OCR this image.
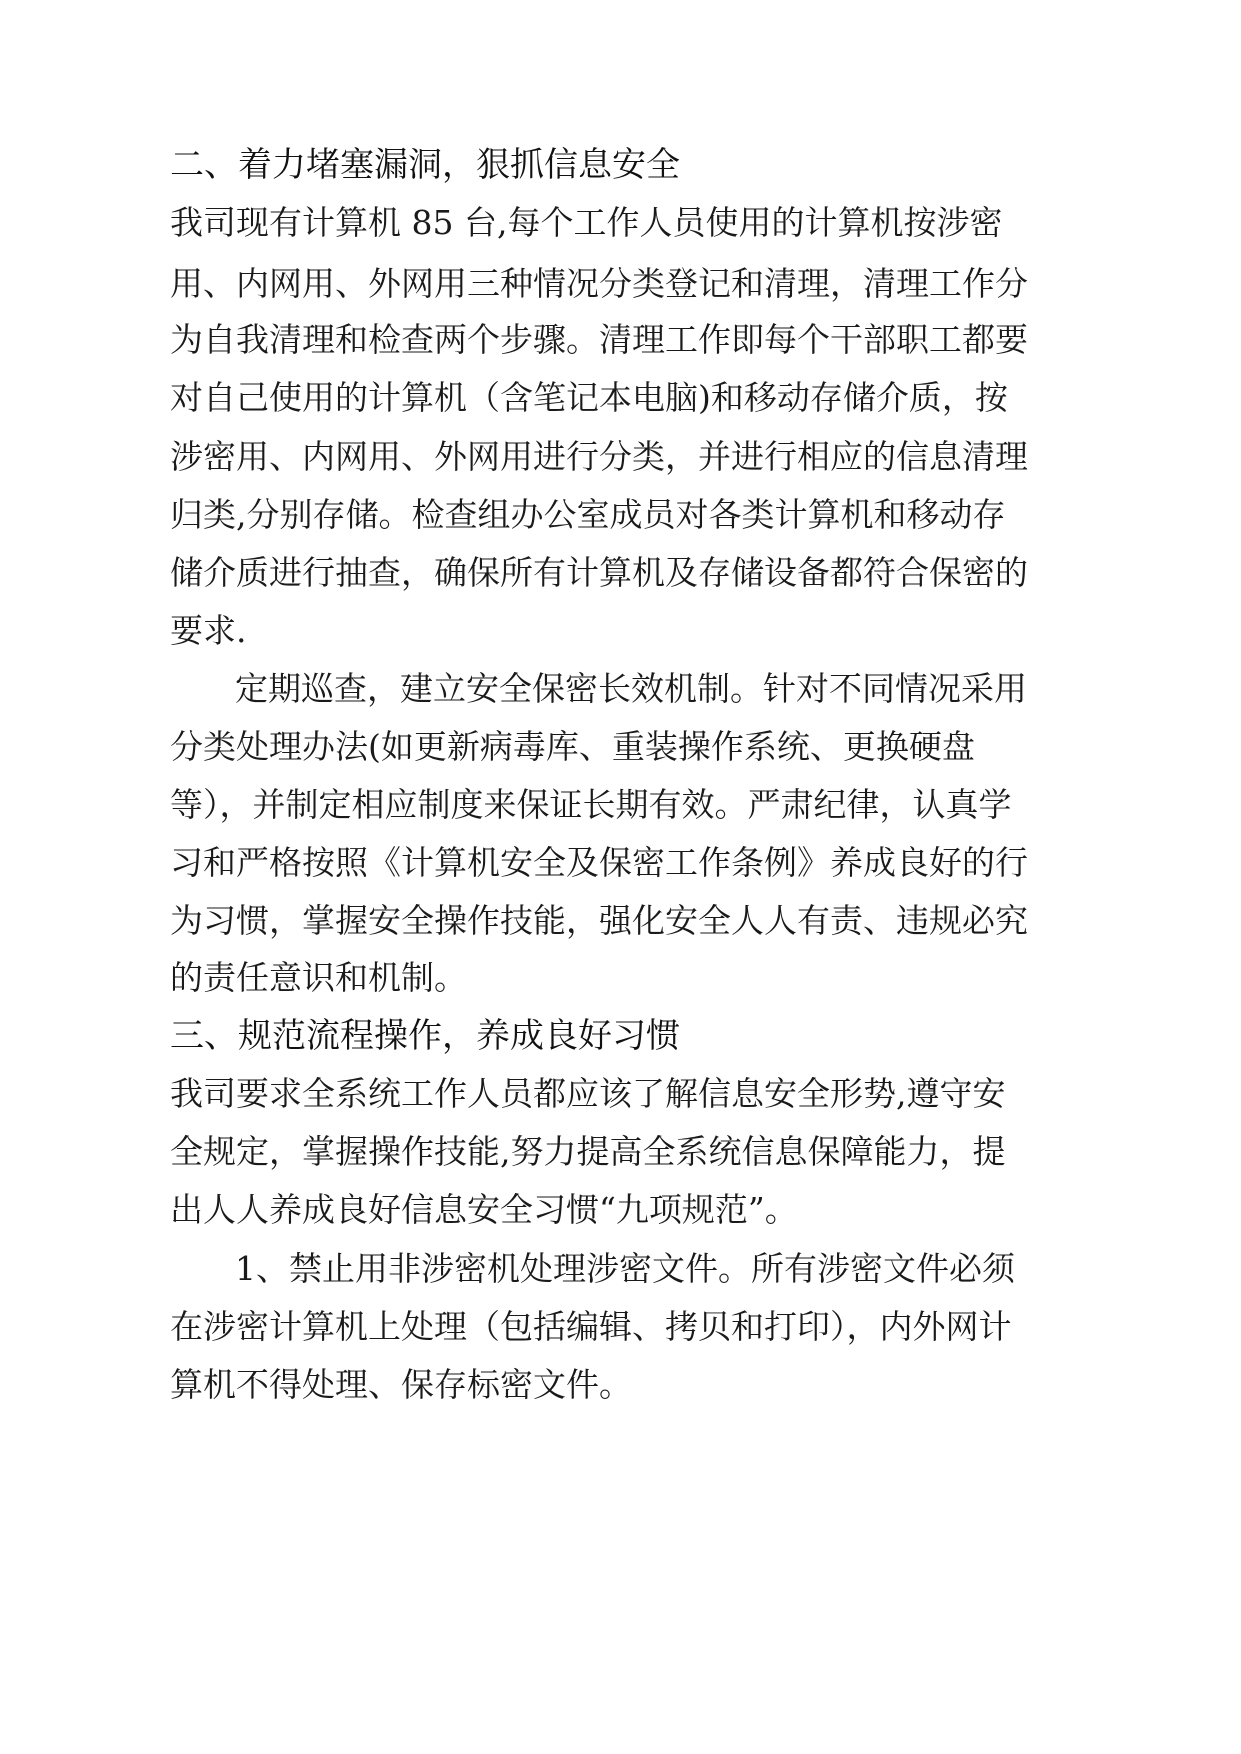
二、着力堵塞漏洞，狠抓信息安全
我司现有计算机 85 台,每个工作人员使用的计算机按涉密
用、内网用、外网用三种情况分类登记和清理，清理工作分
为自我清理和检查两个步骤。清理工作即每个干部职工都要
对自己使用的计算机（含笔记本电脑)和移动存储介质，按
涉密用、内网用、外网用进行分类，并进行相应的信息清理
归类,分别存储。检查组办公室成员对各类计算机和移动存
储介质进行抽查，确保所有计算机及存储设备都符合保密的
要求.
定期巡查，建立安全保密长效机制。针对不同情况采用
分类处理办法(如更新病毒库、重装操作系统、更换硬盘
等），并制定相应制度来保证长期有效。严肃纪律，认真学
习和严格按照《计算机安全及保密工作条例》养成良好的行
为习惯，掌握安全操作技能，强化安全人人有责、违规必究
的责任意识和机制。
三、规范流程操作，养成良好习惯
我司要求全系统工作人员都应该了解信息安全形势,遵守安
全规定，掌握操作技能,努力提高全系统信息保障能力，提
出人人养成良好信息安全习惯“九项规范”。
1、禁止用非涉密机处理涉密文件。所有涉密文件必须
在涉密计算机上处理（包括编辑、拷贝和打印），内外网计
算机不得处理、保存标密文件。
